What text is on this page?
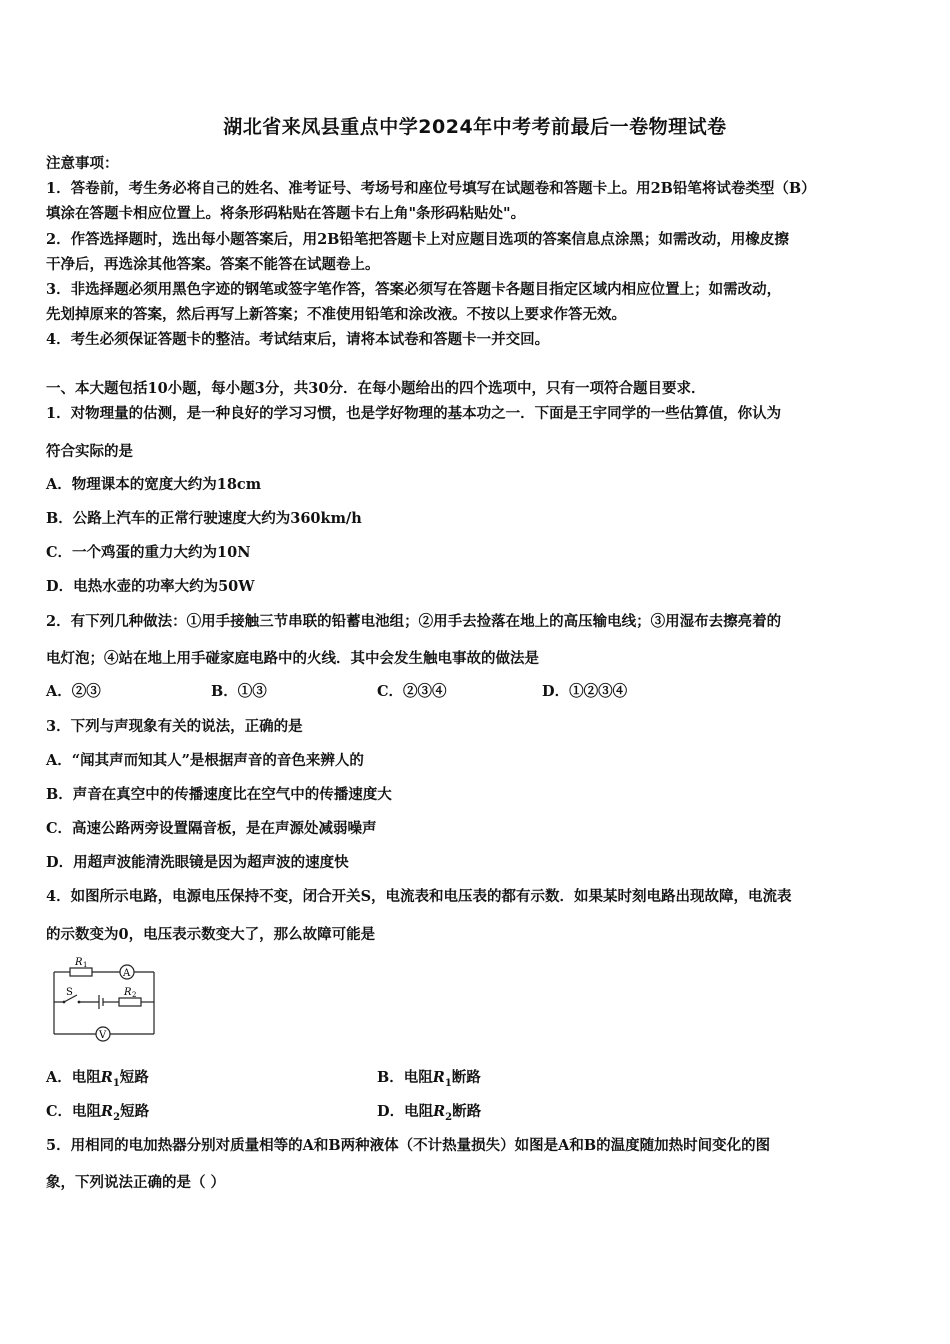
湖北省来凤县重点中学2024年中考考前最后一卷物理试卷
注意事项：
1．答卷前，考生务必将自己的姓名、准考证号、考场号和座位号填写在试题卷和答题卡上。用2B铅笔将试卷类型（B）
填涂在答题卡相应位置上。将条形码粘贴在答题卡右上角"条形码粘贴处"。
2．作答选择题时，选出每小题答案后，用2B铅笔把答题卡上对应题目选项的答案信息点涂黑；如需改动，用橡皮擦
干净后，再选涂其他答案。答案不能答在试题卷上。
3．非选择题必须用黑色字迹的钢笔或签字笔作答，答案必须写在答题卡各题目指定区域内相应位置上；如需改动，
先划掉原来的答案，然后再写上新答案；不准使用铅笔和涂改液。不按以上要求作答无效。
4．考生必须保证答题卡的整洁。考试结束后，请将本试卷和答题卡一并交回。
一、本大题包括10小题，每小题3分，共30分．在每小题给出的四个选项中，只有一项符合题目要求．
1．对物理量的估测，是一种良好的学习习惯，也是学好物理的基本功之一．下面是王宇同学的一些估算值，你认为
符合实际的是
A．物理课本的宽度大约为18cm
B．公路上汽车的正常行驶速度大约为360km/h
C．一个鸡蛋的重力大约为10N
D．电热水壶的功率大约为50W
2．有下列几种做法：①用手接触三节串联的铅蓄电池组；②用手去捡落在地上的高压输电线；③用湿布去擦亮着的
电灯泡；④站在地上用手碰家庭电路中的火线．其中会发生触电事故的做法是
A．②③	B．①③	C．②③④	D．①②③④
3．下列与声现象有关的说法，正确的是
A．“闻其声而知其人”是根据声音的音色来辨人的
B．声音在真空中的传播速度比在空气中的传播速度大
C．高速公路两旁设置隔音板，是在声源处减弱噪声
D．用超声波能清洗眼镜是因为超声波的速度快
4．如图所示电路，电源电压保持不变，闭合开关S，电流表和电压表的都有示数．如果某时刻电路出现故障，电流表
的示数变为0，电压表示数变大了，那么故障可能是
R 1
A
S	R 2
V
A．电阻$R_1$短路	B．电阻$R_1$断路
C．电阻$R_2$短路	D．电阻$R_2$断路
5．用相同的电加热器分别对质量相等的A和B两种液体（不计热量损失）如图是A和B的温度随加热时间变化的图
象，下列说法正确的是（ ）
